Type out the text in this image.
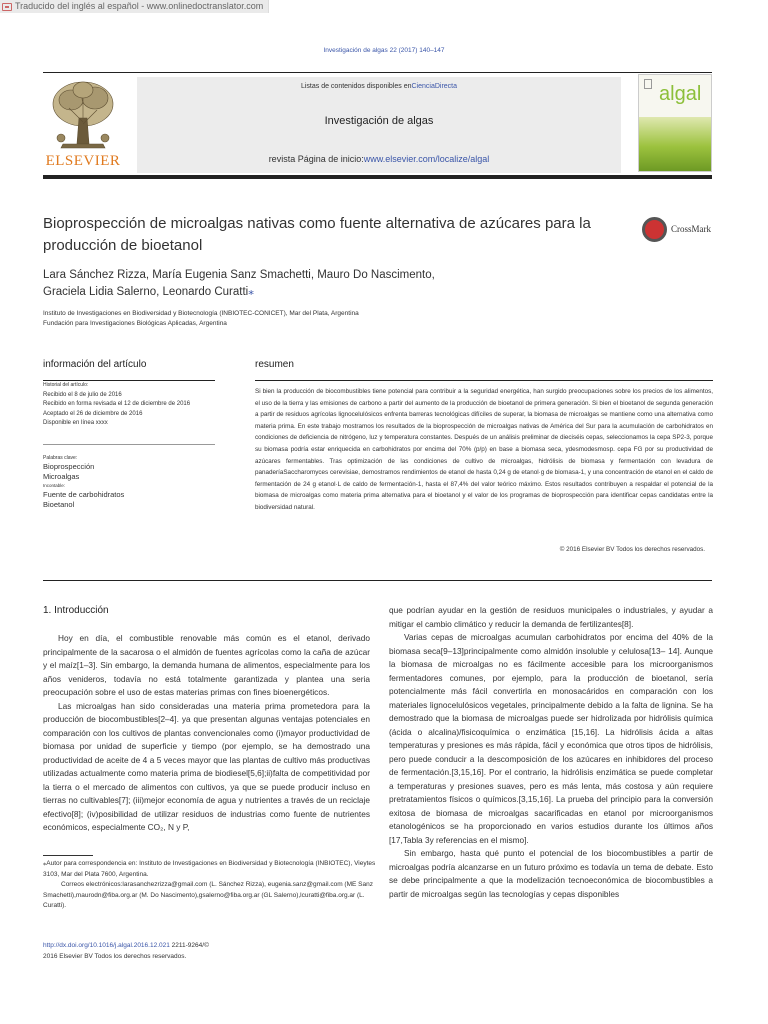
Traducido del inglés al español - www.onlinedoctranslator.com
Investigación de algas 22 (2017) 140–147
ELSEVIER
Listas de contenidos disponibles enCienciaDirecta
Investigación de algas
revista Página de inicio:www.elsevier.com/localize/algal
algal
Bioprospección de microalgas nativas como fuente alternativa de azúcares para la producción de bioetanol
CrossMark
Lara Sánchez Rizza, María Eugenia Sanz Smachetti, Mauro Do Nascimento,
Graciela Lidia Salerno, Leonardo Curatti⁎
Instituto de Investigaciones en Biodiversidad y Biotecnología (INBIOTEC-CONICET), Mar del Plata, Argentina
Fundación para Investigaciones Biológicas Aplicadas, Argentina
información del artículo	resumen
Historial del artículo:
Recibido el 8 de julio de 2016
Recibido en forma revisada el 12 de diciembre de 2016
Aceptado el 26 de diciembre de 2016
Disponible en línea xxxx
Palabras clave:
Bioprospección
Microalgas
Incontable:
Fuente de carbohidratos
Bioetanol
Si bien la producción de biocombustibles tiene potencial para contribuir a la seguridad energética, han surgido preocupaciones sobre los precios de los alimentos, el uso de la tierra y las emisiones de carbono a partir del aumento de la producción de bioetanol de primera generación. Si bien el bioetanol de segunda generación a partir de residuos agrícolas lignocelulósicos enfrenta barreras tecnológicas difíciles de superar, la biomasa de microalgas se mantiene como una alternativa como materia prima. En este trabajo mostramos los resultados de la bioprospección de microalgas nativas de América del Sur para la acumulación de carbohidratos en condiciones de deficiencia de nitrógeno, luz y temperatura constantes. Después de un análisis preliminar de dieciséis cepas, seleccionamos la cepa SP2-3, porque su biomasa podría estar enriquecida en carbohidratos por encima del 70% (p/p) en base a biomasa seca, ydesmodesmosp. cepa FG por su productividad de azúcares fermentables. Tras optimización de las condiciones de cultivo de microalgas, hidrólisis de biomasa y fermentación con levadura de panaderíaSaccharomyces cerevisiae, demostramos rendimientos de etanol de hasta 0,24 g de etanol·g de biomasa-1, y una concentración de etanol en el caldo de fermentación de 24 g etanol·L de caldo de fermentación-1, hasta el 87,4% del valor teórico máximo. Estos resultados contribuyen a respaldar el potencial de la biomasa de microalgas como materia prima alternativa para el bioetanol y el valor de los programas de bioprospección para identificar cepas candidatas entre la biodiversidad natural.
© 2016 Elsevier BV Todos los derechos reservados.
1. Introducción

Hoy en día, el combustible renovable más común es el etanol, derivado principalmente de la sacarosa o el almidón de fuentes agrícolas como la caña de azúcar y el maíz[1–3]. Sin embargo, la demanda humana de alimentos, especialmente para los años venideros, todavía no está totalmente garantizada y plantea una seria preocupación sobre el uso de estas materias primas con fines bioenergéticos.

Las microalgas han sido consideradas una materia prima prometedora para la producción de biocombustibles[2–4]. ya que presentan algunas ventajas potenciales en comparación con los cultivos de plantas convencionales como (i)mayor productividad de biomasa por unidad de superficie y tiempo (por ejemplo, se ha demostrado una productividad de aceite de 4 a 5 veces mayor que las plantas de cultivo más productivas utilizadas actualmente como materia prima de biodiesel[5,6];ii)falta de competitividad por la tierra o el mercado de alimentos con cultivos, ya que se puede producir incluso en tierras no cultivables[7]; (iii)mejor economía de agua y nutrientes a través de un reciclaje efectivo[8]; (iv)posibilidad de utilizar residuos de industrias como fuente de nutrientes económicos, especialmente CO₂, N y P,

que podrían ayudar en la gestión de residuos municipales o industriales, y ayudar a mitigar el cambio climático y reducir la demanda de fertilizantes[8].

Varias cepas de microalgas acumulan carbohidratos por encima del 40% de la biomasa seca[9–13]principalmente como almidón insoluble y celulosa[13– 14]. Aunque la biomasa de microalgas no es fácilmente accesible para los microorganismos fermentadores comunes, por ejemplo, para la producción de bioetanol, sería potencialmente más fácil convertirla en monosacáridos en comparación con los materiales lignocelulósicos vegetales, principalmente debido a la falta de lignina. Se ha demostrado que la biomasa de microalgas puede ser hidrolizada por hidrólisis química (ácida o alcalina)/fisicoquímica o enzimática [15,16]. La hidrólisis ácida a altas temperaturas y presiones es más rápida, fácil y económica que otros tipos de hidrólisis, pero puede conducir a la descomposición de los azúcares en inhibidores del proceso de fermentación.[3,15,16]. Por el contrario, la hidrólisis enzimática se puede completar a temperaturas y presiones suaves, pero es más lenta, más costosa y aún requiere pretratamientos físicos o químicos.[3,15,16]. La prueba del principio para la conversión exitosa de biomasa de microalgas sacarificadas en etanol por microorganismos etanologénicos se ha proporcionado en varios estudios durante los últimos años [17,Tabla 3y referencias en el mismo].

Sin embargo, hasta qué punto el potencial de los biocombustibles a partir de microalgas podría alcanzarse en un futuro próximo es todavía un tema de debate. Esto se debe principalmente a que la modelización tecnoeconómica de biocombustibles a partir de microalgas según las tecnologías y cepas disponibles

⁎Autor para correspondencia en: Instituto de Investigaciones en Biodiversidad y Biotecnología (INBIOTEC), Vieytes 3103, Mar del Plata 7600, Argentina.
Correos electrónicos:larasanchezrizza@gmail.com (L. Sánchez Rizza), eugenia.sanz@gmail.com (ME Sanz Smachetti),maurodn@fiba.org.ar (M. Do Nascimento),gsalerno@fiba.org.ar (GL Salerno),lcuratti@fiba.org.ar (L. Curatti).
http://dx.doi.org/10.1016/j.algal.2016.12.021 2211-9264/©
2016 Elsevier BV Todos los derechos reservados.
